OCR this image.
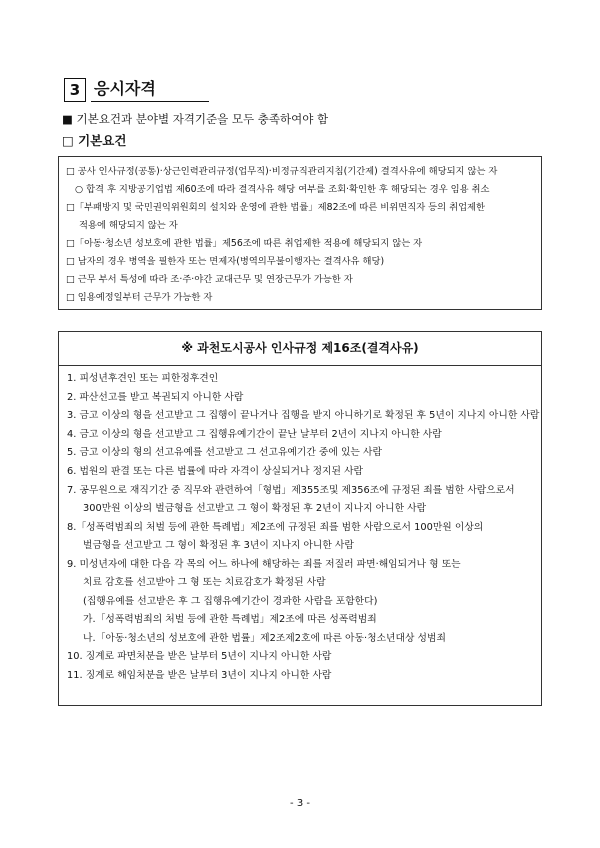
3 응시자격
■ 기본요건과 분야별 자격기준을 모두 충족하여야 함
□ 기본요건
□ 공사 인사규정(공통)·상근인력관리규정(업무직)·비정규직관리지침(기간제) 결격사유에 해당되지 않는 자
○ 합격 후 지방공기업법 제60조에 따라 결격사유 해당 여부를 조회·확인한 후 해당되는 경우 임용 취소
□「부패방지 및 국민권익위원회의 설치와 운영에 관한 법률」제82조에 따른 비위면직자 등의 취업제한
적용에 해당되지 않는 자
□「아동·청소년 성보호에 관한 법률」제56조에 따른 취업제한 적용에 해당되지 않는 자
□ 남자의 경우 병역을 필한자 또는 면제자(병역의무불이행자는 결격사유 해당)
□ 근무 부서 특성에 따라 조·주·야간 교대근무 및 연장근무가 가능한 자
□ 임용예정일부터 근무가 가능한 자
※ 과천도시공사 인사규정 제16조(결격사유)
1. 피성년후견인 또는 피한정후견인
2. 파산선고를 받고 복권되지 아니한 사람
3. 금고 이상의 형을 선고받고 그 집행이 끝나거나 집행을 받지 아니하기로 확정된 후 5년이 지나지 아니한 사람
4. 금고 이상의 형을 선고받고 그 집행유예기간이 끝난 날부터 2년이 지나지 아니한 사람
5. 금고 이상의 형의 선고유예를 선고받고 그 선고유예기간 중에 있는 사람
6. 법원의 판결 또는 다른 법률에 따라 자격이 상실되거나 정지된 사람
7. 공무원으로 재직기간 중 직무와 관련하여「형법」제355조및 제356조에 규정된 죄를 범한 사람으로서
300만원 이상의 벌금형을 선고받고 그 형이 확정된 후 2년이 지나지 아니한 사람
8.「성폭력범죄의 처벌 등에 관한 특례법」제2조에 규정된 죄를 범한 사람으로서 100만원 이상의
벌금형을 선고받고 그 형이 확정된 후 3년이 지나지 아니한 사람
9. 미성년자에 대한 다음 각 목의 어느 하나에 해당하는 죄를 저질러 파면·해임되거나 형 또는
치료 감호를 선고받아 그 형 또는 치료감호가 확정된 사람
(집행유예를 선고받은 후 그 집행유예기간이 경과한 사람을 포함한다)
가.「성폭력범죄의 처벌 등에 관한 특례법」제2조에 따른 성폭력범죄
나.「아동·청소년의 성보호에 관한 법률」제2조제2호에 따른 아동·청소년대상 성범죄
10. 징계로 파면처분을 받은 날부터 5년이 지나지 아니한 사람
11. 징계로 해임처분을 받은 날부터 3년이 지나지 아니한 사람
- 3 -
